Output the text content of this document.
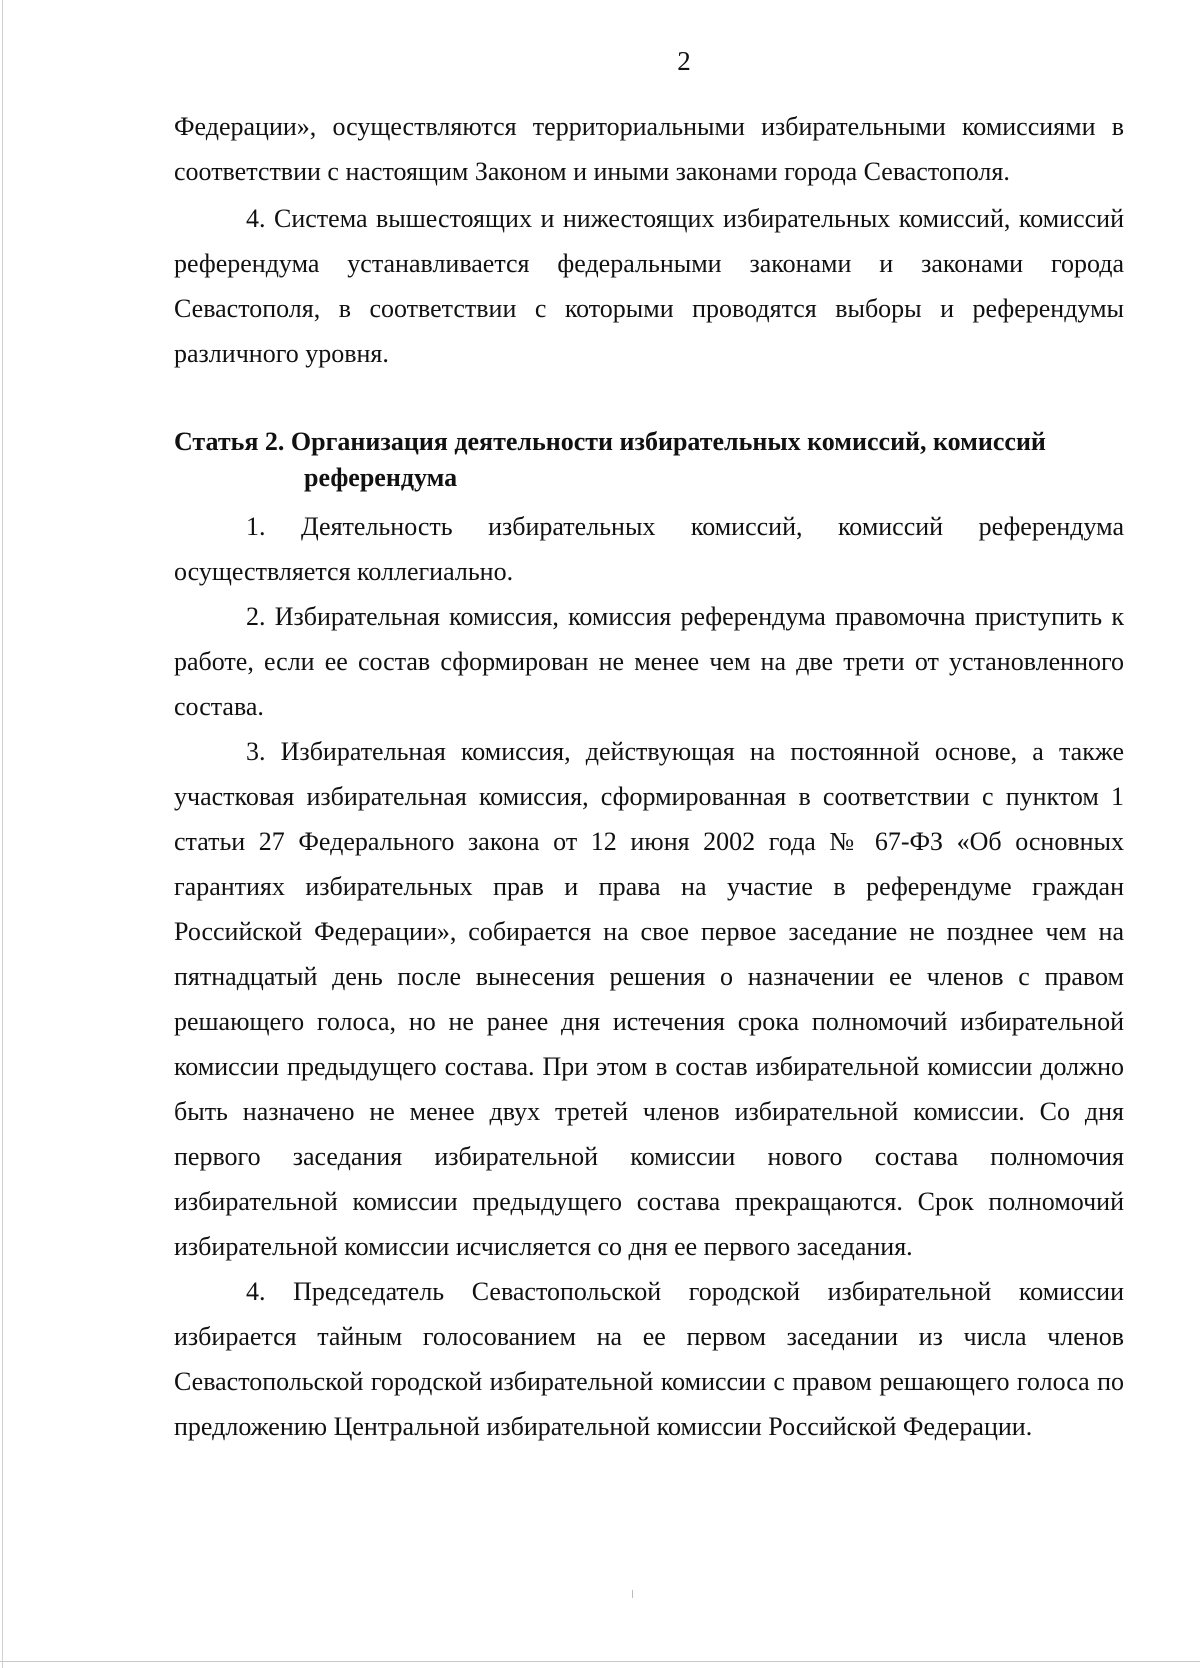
2

Федерации», осуществляются территориальными избирательными комиссиями в соответствии с настоящим Законом и иными законами города Севастополя.

4. Система вышестоящих и нижестоящих избирательных комиссий, комиссий референдума устанавливается федеральными законами и законами города Севастополя, в соответствии с которыми проводятся выборы и референдумы различного уровня.

Статья 2. Организация деятельности избирательных комиссий, комиссий референдума

1. Деятельность избирательных комиссий, комиссий референдума осуществляется коллегиально.

2. Избирательная комиссия, комиссия референдума правомочна приступить к работе, если ее состав сформирован не менее чем на две трети от установленного состава.

3. Избирательная комиссия, действующая на постоянной основе, а также участковая избирательная комиссия, сформированная в соответствии с пунктом 1 статьи 27 Федерального закона от 12 июня 2002 года № 67-ФЗ «Об основных гарантиях избирательных прав и права на участие в референдуме граждан Российской Федерации», собирается на свое первое заседание не позднее чем на пятнадцатый день после вынесения решения о назначении ее членов с правом решающего голоса, но не ранее дня истечения срока полномочий избирательной комиссии предыдущего состава. При этом в состав избирательной комиссии должно быть назначено не менее двух третей членов избирательной комиссии. Со дня первого заседания избирательной комиссии нового состава полномочия избирательной комиссии предыдущего состава прекращаются. Срок полномочий избирательной комиссии исчисляется со дня ее первого заседания.

4. Председатель Севастопольской городской избирательной комиссии избирается тайным голосованием на ее первом заседании из числа членов Севастопольской городской избирательной комиссии с правом решающего голоса по предложению Центральной избирательной комиссии Российской Федерации.
